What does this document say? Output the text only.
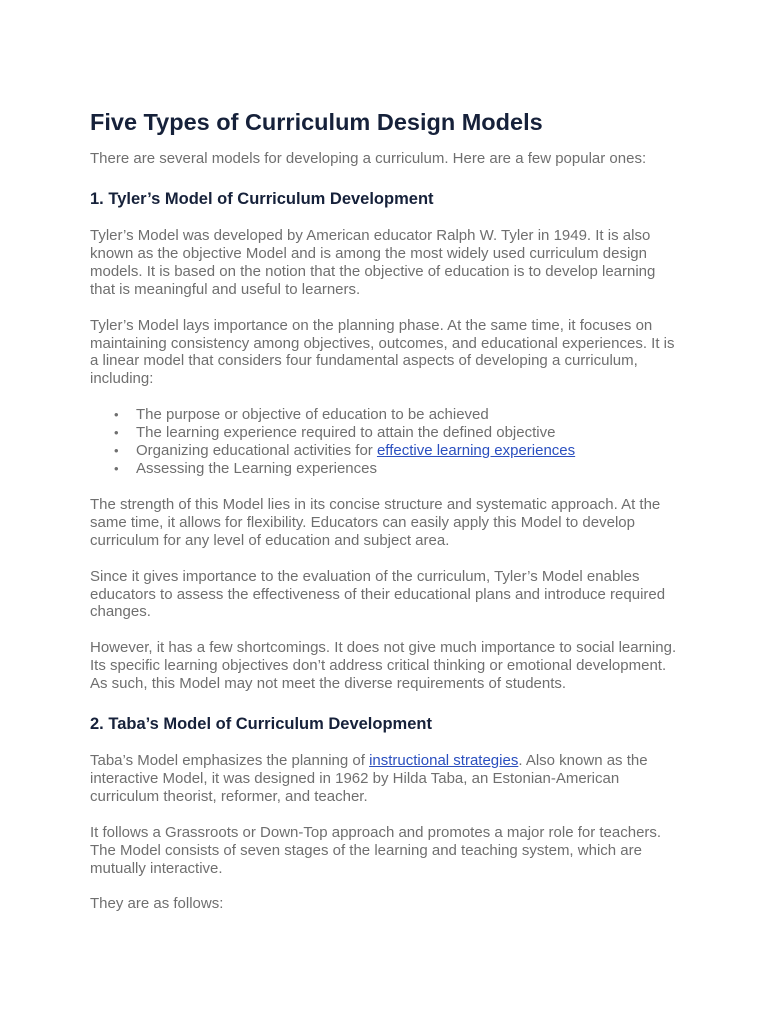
Five Types of Curriculum Design Models

There are several models for developing a curriculum. Here are a few popular ones:

1. Tyler’s Model of Curriculum Development

Tyler’s Model was developed by American educator Ralph W. Tyler in 1949. It is also known as the objective Model and is among the most widely used curriculum design models. It is based on the notion that the objective of education is to develop learning that is meaningful and useful to learners.

Tyler’s Model lays importance on the planning phase. At the same time, it focuses on maintaining consistency among objectives, outcomes, and educational experiences. It is a linear model that considers four fundamental aspects of developing a curriculum, including:

• The purpose or objective of education to be achieved
• The learning experience required to attain the defined objective
• Organizing educational activities for effective learning experiences
• Assessing the Learning experiences

The strength of this Model lies in its concise structure and systematic approach. At the same time, it allows for flexibility. Educators can easily apply this Model to develop curriculum for any level of education and subject area.

Since it gives importance to the evaluation of the curriculum, Tyler’s Model enables educators to assess the effectiveness of their educational plans and introduce required changes.

However, it has a few shortcomings. It does not give much importance to social learning. Its specific learning objectives don’t address critical thinking or emotional development. As such, this Model may not meet the diverse requirements of students.

2. Taba’s Model of Curriculum Development

Taba’s Model emphasizes the planning of instructional strategies. Also known as the interactive Model, it was designed in 1962 by Hilda Taba, an Estonian-American curriculum theorist, reformer, and teacher.

It follows a Grassroots or Down-Top approach and promotes a major role for teachers. The Model consists of seven stages of the learning and teaching system, which are mutually interactive.

They are as follows:
